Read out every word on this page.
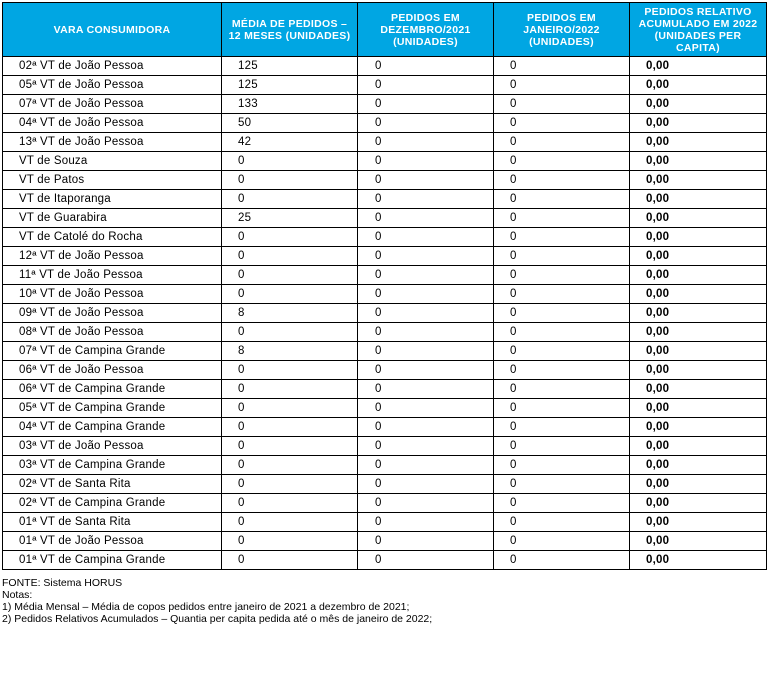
VARA CONSUMIDORA	MÉDIA DE PEDIDOS – 12 MESES (UNIDADES)	PEDIDOS EM DEZEMBRO/2021 (UNIDADES)	PEDIDOS EM JANEIRO/2022 (UNIDADES)	PEDIDOS RELATIVO ACUMULADO EM 2022 (UNIDADES PER CAPITA)
02ª VT de João Pessoa	125	0	0	0,00
05ª VT de João Pessoa	125	0	0	0,00
07ª VT de João Pessoa	133	0	0	0,00
04ª VT de João Pessoa	50	0	0	0,00
13ª VT de João Pessoa	42	0	0	0,00
VT de Souza	0	0	0	0,00
VT de Patos	0	0	0	0,00
VT de Itaporanga	0	0	0	0,00
VT de Guarabira	25	0	0	0,00
VT de Catolé do Rocha	0	0	0	0,00
12ª VT de João Pessoa	0	0	0	0,00
11ª VT de João Pessoa	0	0	0	0,00
10ª VT de João Pessoa	0	0	0	0,00
09ª VT de João Pessoa	8	0	0	0,00
08ª VT de João Pessoa	0	0	0	0,00
07ª VT de Campina Grande	8	0	0	0,00
06ª VT de João Pessoa	0	0	0	0,00
06ª VT de Campina Grande	0	0	0	0,00
05ª VT de Campina Grande	0	0	0	0,00
04ª VT de Campina Grande	0	0	0	0,00
03ª VT de João Pessoa	0	0	0	0,00
03ª VT de Campina Grande	0	0	0	0,00
02ª VT de Santa Rita	0	0	0	0,00
02ª VT de Campina Grande	0	0	0	0,00
01ª VT de Santa Rita	0	0	0	0,00
01ª VT de João Pessoa	0	0	0	0,00
01ª VT de Campina Grande	0	0	0	0,00
FONTE: Sistema HORUS
Notas:
1) Média Mensal – Média de copos pedidos entre janeiro de 2021 a dezembro de 2021;
2) Pedidos Relativos Acumulados – Quantia per capita pedida até o mês de janeiro de 2022;
